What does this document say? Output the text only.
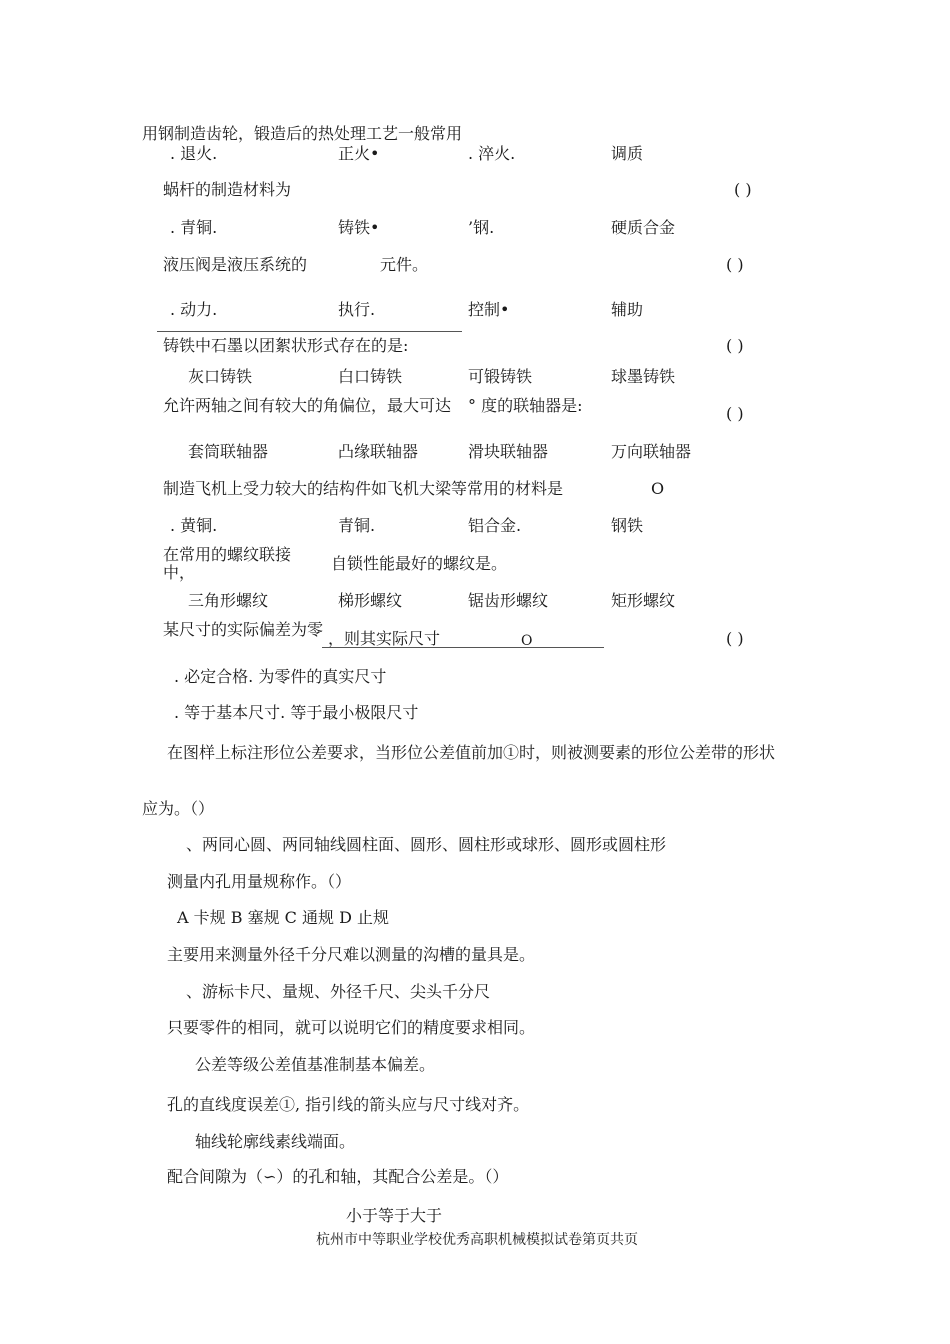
用钢制造齿轮，锻造后的热处理工艺一般常用
. 退火.	正火•	. 淬火.	调质
蜗杆的制造材料为	( )
. 青铜.	铸铁•	’钢.	硬质合金
液压阀是液压系统的	元件。	( )
. 动力.	执行.	控制•	辅助
铸铁中石墨以团絮状形式存在的是:	( )
灰口铸铁	白口铸铁	可锻铸铁	球墨铸铁
允许两轴之间有较大的角偏位，最大可达	° 度的联轴器是:	( )
套筒联轴器	凸缘联轴器	滑块联轴器	万向联轴器
制造飞机上受力较大的结构件如飞机大梁等常用的材料是	O
. 黄铜.	青铜.	铝合金.	钢铁
在常用的螺纹联接中，	自锁性能最好的螺纹是。
三角形螺纹	梯形螺纹	锯齿形螺纹	矩形螺纹
某尺寸的实际偏差为零 ，则其实际尺寸	O	( )
. 必定合格. 为零件的真实尺寸
. 等于基本尺寸. 等于最小极限尺寸
在图样上标注形位公差要求，当形位公差值前加①时，则被测要素的形位公差带的形状
应为。（）
、两同心圆、两同轴线圆柱面、圆形、圆柱形或球形、圆形或圆柱形
测量内孔用量规称作。（）
A 卡规 B 塞规 C 通规 D 止规
主要用来测量外径千分尺难以测量的沟槽的量具是。
、游标卡尺、量规、外径千尺、尖头千分尺
只要零件的相同，就可以说明它们的精度要求相同。
公差等级公差值基准制基本偏差。
孔的直线度误差①, 指引线的箭头应与尺寸线对齐。
轴线轮廓线素线端面。
配合间隙为（∽）的孔和轴，其配合公差是。（）
小于等于大于
杭州市中等职业学校优秀高职机械模拟试卷第页共页
